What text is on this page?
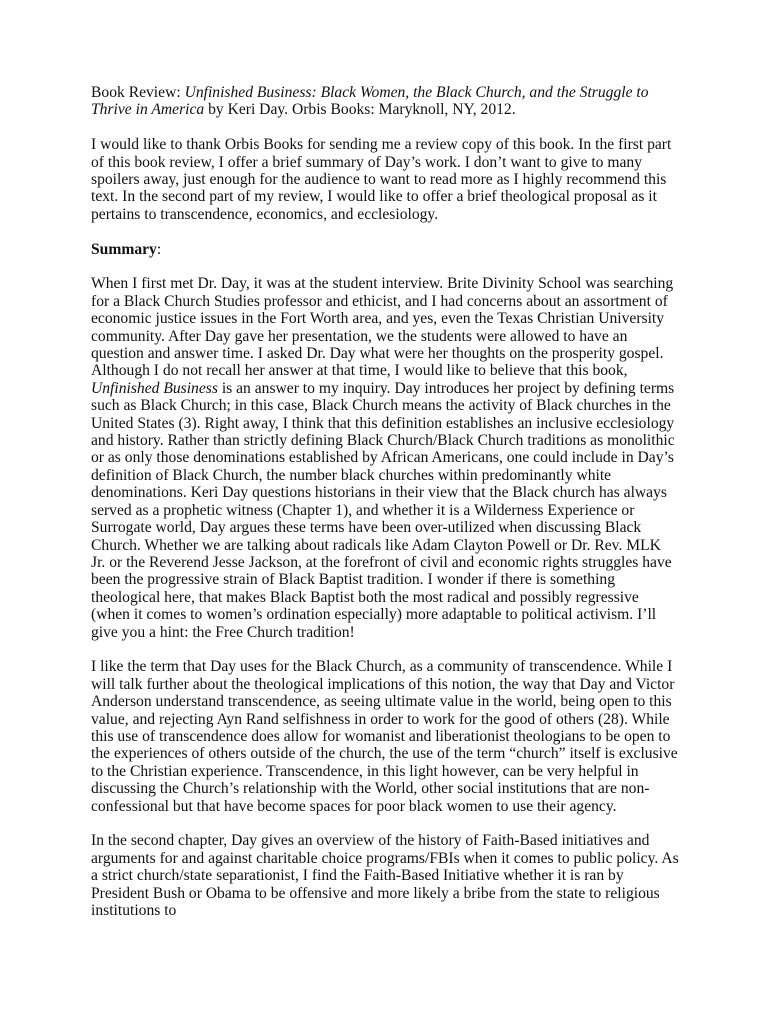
Book Review: Unfinished Business: Black Women, the Black Church, and the Struggle to Thrive in America by Keri Day. Orbis Books: Maryknoll, NY, 2012.

I would like to thank Orbis Books for sending me a review copy of this book. In the first part of this book review, I offer a brief summary of Day’s work. I don’t want to give to many spoilers away, just enough for the audience to want to read more as I highly recommend this text. In the second part of my review, I would like to offer a brief theological proposal as it pertains to transcendence, economics, and ecclesiology.

Summary:

When I first met Dr. Day, it was at the student interview. Brite Divinity School was searching for a Black Church Studies professor and ethicist, and I had concerns about an assortment of economic justice issues in the Fort Worth area, and yes, even the Texas Christian University community. After Day gave her presentation, we the students were allowed to have an question and answer time. I asked Dr. Day what were her thoughts on the prosperity gospel. Although I do not recall her answer at that time, I would like to believe that this book, Unfinished Business is an answer to my inquiry. Day introduces her project by defining terms such as Black Church; in this case, Black Church means the activity of Black churches in the United States (3). Right away, I think that this definition establishes an inclusive ecclesiology and history. Rather than strictly defining Black Church/Black Church traditions as monolithic or as only those denominations established by African Americans, one could include in Day’s definition of Black Church, the number black churches within predominantly white denominations. Keri Day questions historians in their view that the Black church has always served as a prophetic witness (Chapter 1), and whether it is a Wilderness Experience or Surrogate world, Day argues these terms have been over-utilized when discussing Black Church. Whether we are talking about radicals like Adam Clayton Powell or Dr. Rev. MLK Jr. or the Reverend Jesse Jackson, at the forefront of civil and economic rights struggles have been the progressive strain of Black Baptist tradition. I wonder if there is something theological here, that makes Black Baptist both the most radical and possibly regressive (when it comes to women’s ordination especially) more adaptable to political activism. I’ll give you a hint: the Free Church tradition!

I like the term that Day uses for the Black Church, as a community of transcendence. While I will talk further about the theological implications of this notion, the way that Day and Victor Anderson understand transcendence, as seeing ultimate value in the world, being open to this value, and rejecting Ayn Rand selfishness in order to work for the good of others (28). While this use of transcendence does allow for womanist and liberationist theologians to be open to the experiences of others outside of the church, the use of the term “church” itself is exclusive to the Christian experience. Transcendence, in this light however, can be very helpful in discussing the Church’s relationship with the World, other social institutions that are non-confessional but that have become spaces for poor black women to use their agency.

In the second chapter, Day gives an overview of the history of Faith-Based initiatives and arguments for and against charitable choice programs/FBIs when it comes to public policy. As a strict church/state separationist, I find the Faith-Based Initiative whether it is ran by President Bush or Obama to be offensive and more likely a bribe from the state to religious institutions to
